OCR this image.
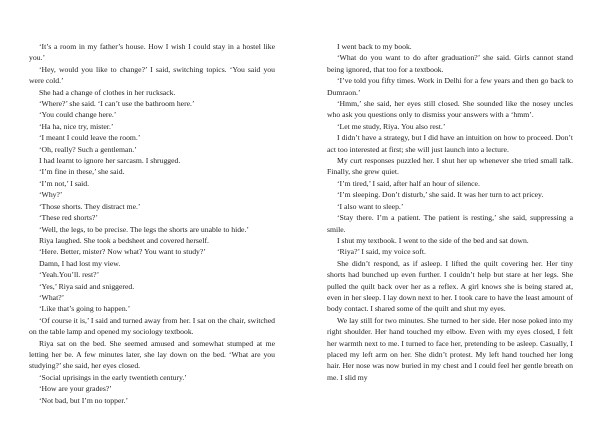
‘It’s a room in my father’s house. How I wish I could stay in a hostel like you.’

‘Hey, would you like to change?’ I said, switching topics. ‘You said you were cold.’

She had a change of clothes in her rucksack.

‘Where?’ she said. ‘I can’t use the bathroom here.’

‘You could change here.’

‘Ha ha, nice try, mister.’

‘I meant I could leave the room.’

‘Oh, really? Such a gentleman.’

I had learnt to ignore her sarcasm. I shrugged.

‘I’m fine in these,’ she said.

‘I’m not,’ I said.

‘Why?’

‘Those shorts. They distract me.’

‘These red shorts?’

‘Well, the legs, to be precise. The legs the shorts are unable to hide.’

Riya laughed. She took a bedsheet and covered herself.

‘Here. Better, mister? Now what? You want to study?’

Damn, I had lost my view.

‘Yeah.You’ll. rest?’

‘Yes,’ Riya said and sniggered.

‘What?’

‘Like that’s going to happen.’

‘Of course it is,’ I said and turned away from her. I sat on the chair, switched on the table lamp and opened my sociology textbook.

Riya sat on the bed. She seemed amused and somewhat stumped at me letting her be. A few minutes later, she lay down on the bed. ‘What are you studying?’ she said, her eyes closed.

‘Social uprisings in the early twentieth century.’

‘How are your grades?’

‘Not bad, but I’m no topper.’

I went back to my book.

‘What do you want to do after graduation?’ she said. Girls cannot stand being ignored, that too for a textbook.

‘I’ve told you fifty times. Work in Delhi for a few years and then go back to Dumraon.’

‘Hmm,’ she said, her eyes still closed. She sounded like the nosey uncles who ask you questions only to dismiss your answers with a ‘hmm’.

‘Let me study, Riya. You also rest.’

I didn’t have a strategy, but I did have an intuition on how to proceed. Don’t act too interested at first; she will just launch into a lecture.

My curt responses puzzled her. I shut her up whenever she tried small talk. Finally, she grew quiet.

‘I’m tired,’ I said, after half an hour of silence.

‘I’m sleeping. Don’t disturb,’ she said. It was her turn to act pricey.

‘I also want to sleep.’

‘Stay there. I’m a patient. The patient is resting,’ she said, suppressing a smile.

I shut my textbook. I went to the side of the bed and sat down.

‘Riya?’ I said, my voice soft.

She didn’t respond, as if asleep. I lifted the quilt covering her. Her tiny shorts had bunched up even further. I couldn’t help but stare at her legs. She pulled the quilt back over her as a reflex. A girl knows she is being stared at, even in her sleep. I lay down next to her. I took care to have the least amount of body contact. I shared some of the quilt and shut my eyes.

We lay still for two minutes. She turned to her side. Her nose poked into my right shoulder. Her hand touched my elbow. Even with my eyes closed, I felt her warmth next to me. I turned to face her, pretending to be asleep. Casually, I placed my left arm on her. She didn’t protest. My left hand touched her long hair. Her nose was now buried in my chest and I could feel her gentle breath on me. I slid my
